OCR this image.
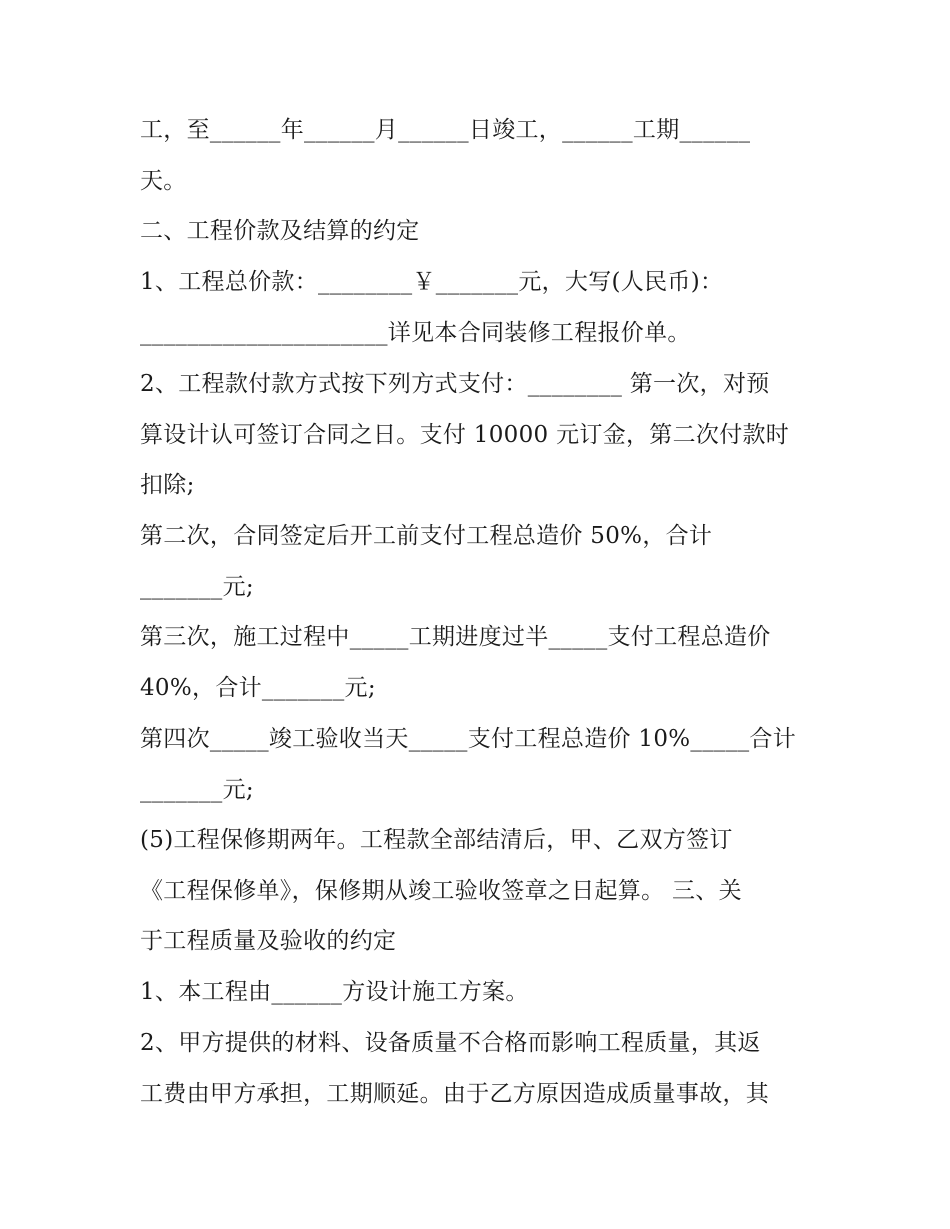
工，至______年______月______日竣工，______工期______
天。
二、工程价款及结算的约定
1、工程总价款：________￥_______元，大写(人民币)：
_____________________详见本合同装修工程报价单。
2、工程款付款方式按下列方式支付：________ 第一次，对预
算设计认可签订合同之日。支付 10000 元订金，第二次付款时
扣除;
第二次，合同签定后开工前支付工程总造价 50%，合计
_______元;
第三次，施工过程中_____工期进度过半_____支付工程总造价
40%，合计_______元;
第四次_____竣工验收当天_____支付工程总造价 10%_____合计
_______元;
(5)工程保修期两年。工程款全部结清后，甲、乙双方签订
《工程保修单》，保修期从竣工验收签章之日起算。 三、关
于工程质量及验收的约定
1、本工程由______方设计施工方案。
2、甲方提供的材料、设备质量不合格而影响工程质量，其返
工费由甲方承担，工期顺延。由于乙方原因造成质量事故，其
